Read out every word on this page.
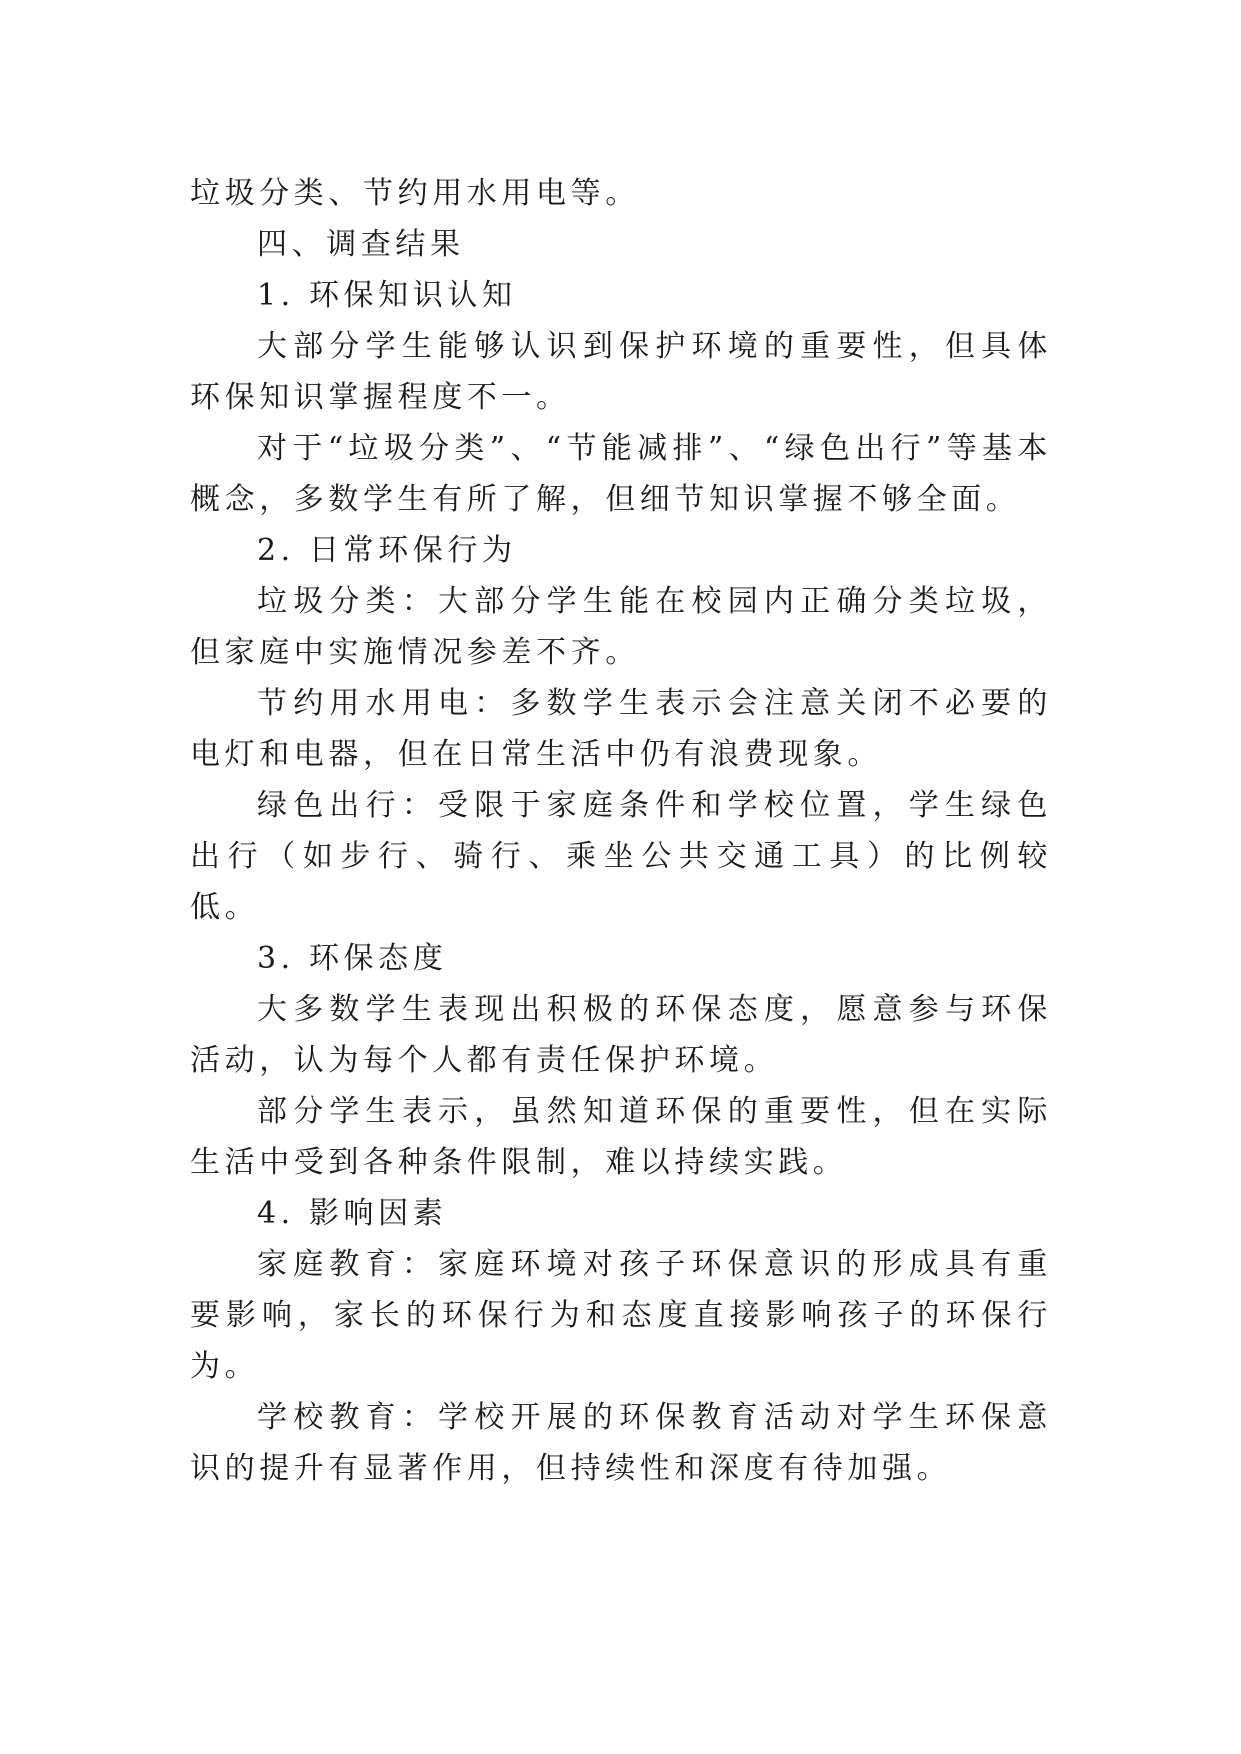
垃圾分类、节约用水用电等。

四、调查结果

1. 环保知识认知

大部分学生能够认识到保护环境的重要性，但具体环保知识掌握程度不一。

对于“垃圾分类”、“节能减排”、“绿色出行”等基本概念，多数学生有所了解，但细节知识掌握不够全面。

2. 日常环保行为

垃圾分类：大部分学生能在校园内正确分类垃圾，但家庭中实施情况参差不齐。

节约用水用电：多数学生表示会注意关闭不必要的电灯和电器，但在日常生活中仍有浪费现象。

绿色出行：受限于家庭条件和学校位置，学生绿色出行（如步行、骑行、乘坐公共交通工具）的比例较低。

3. 环保态度

大多数学生表现出积极的环保态度，愿意参与环保活动，认为每个人都有责任保护环境。

部分学生表示，虽然知道环保的重要性，但在实际生活中受到各种条件限制，难以持续实践。

4. 影响因素

家庭教育：家庭环境对孩子环保意识的形成具有重要影响，家长的环保行为和态度直接影响孩子的环保行为。

学校教育：学校开展的环保教育活动对学生环保意识的提升有显著作用，但持续性和深度有待加强。
